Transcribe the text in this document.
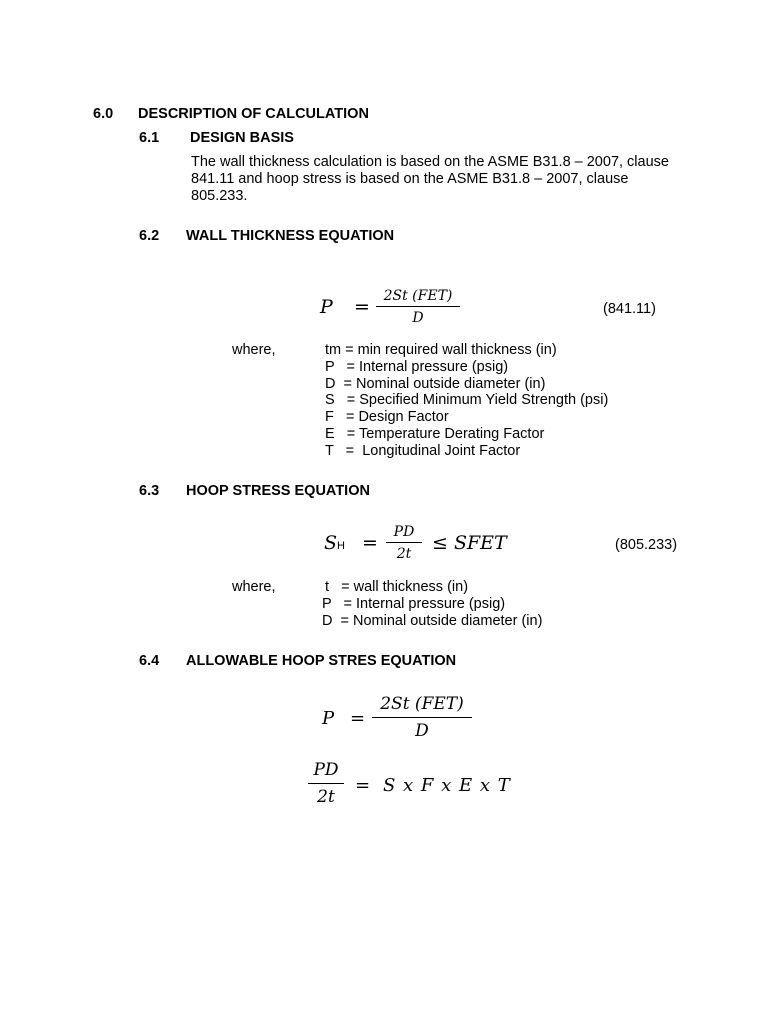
6.0 DESCRIPTION OF CALCULATION
6.1 DESIGN BASIS
The wall thickness calculation is based on the ASME B31.8 – 2007, clause
841.11 and hoop stress is based on the ASME B31.8 – 2007, clause
805.233.
6.2 WALL THICKNESS EQUATION
P = 2St (FET)
D
(841.11)
where,	tm = min required wall thickness (in)
P   = Internal pressure (psig)
D  = Nominal outside diameter (in)
S   = Specified Minimum Yield Strength (psi)
F   = Design Factor
E   = Temperature Derating Factor
T   =  Longitudinal Joint Factor
6.3 HOOP STRESS EQUATION
SH =	PD
2t	≤ SFET	(805.233)
where,	t   = wall thickness (in)
P   = Internal pressure (psig)
D  = Nominal outside diameter (in)
6.4 ALLOWABLE HOOP STRES EQUATION
P =
2St (FET)
D
PD
2t
= S x F x E x T
